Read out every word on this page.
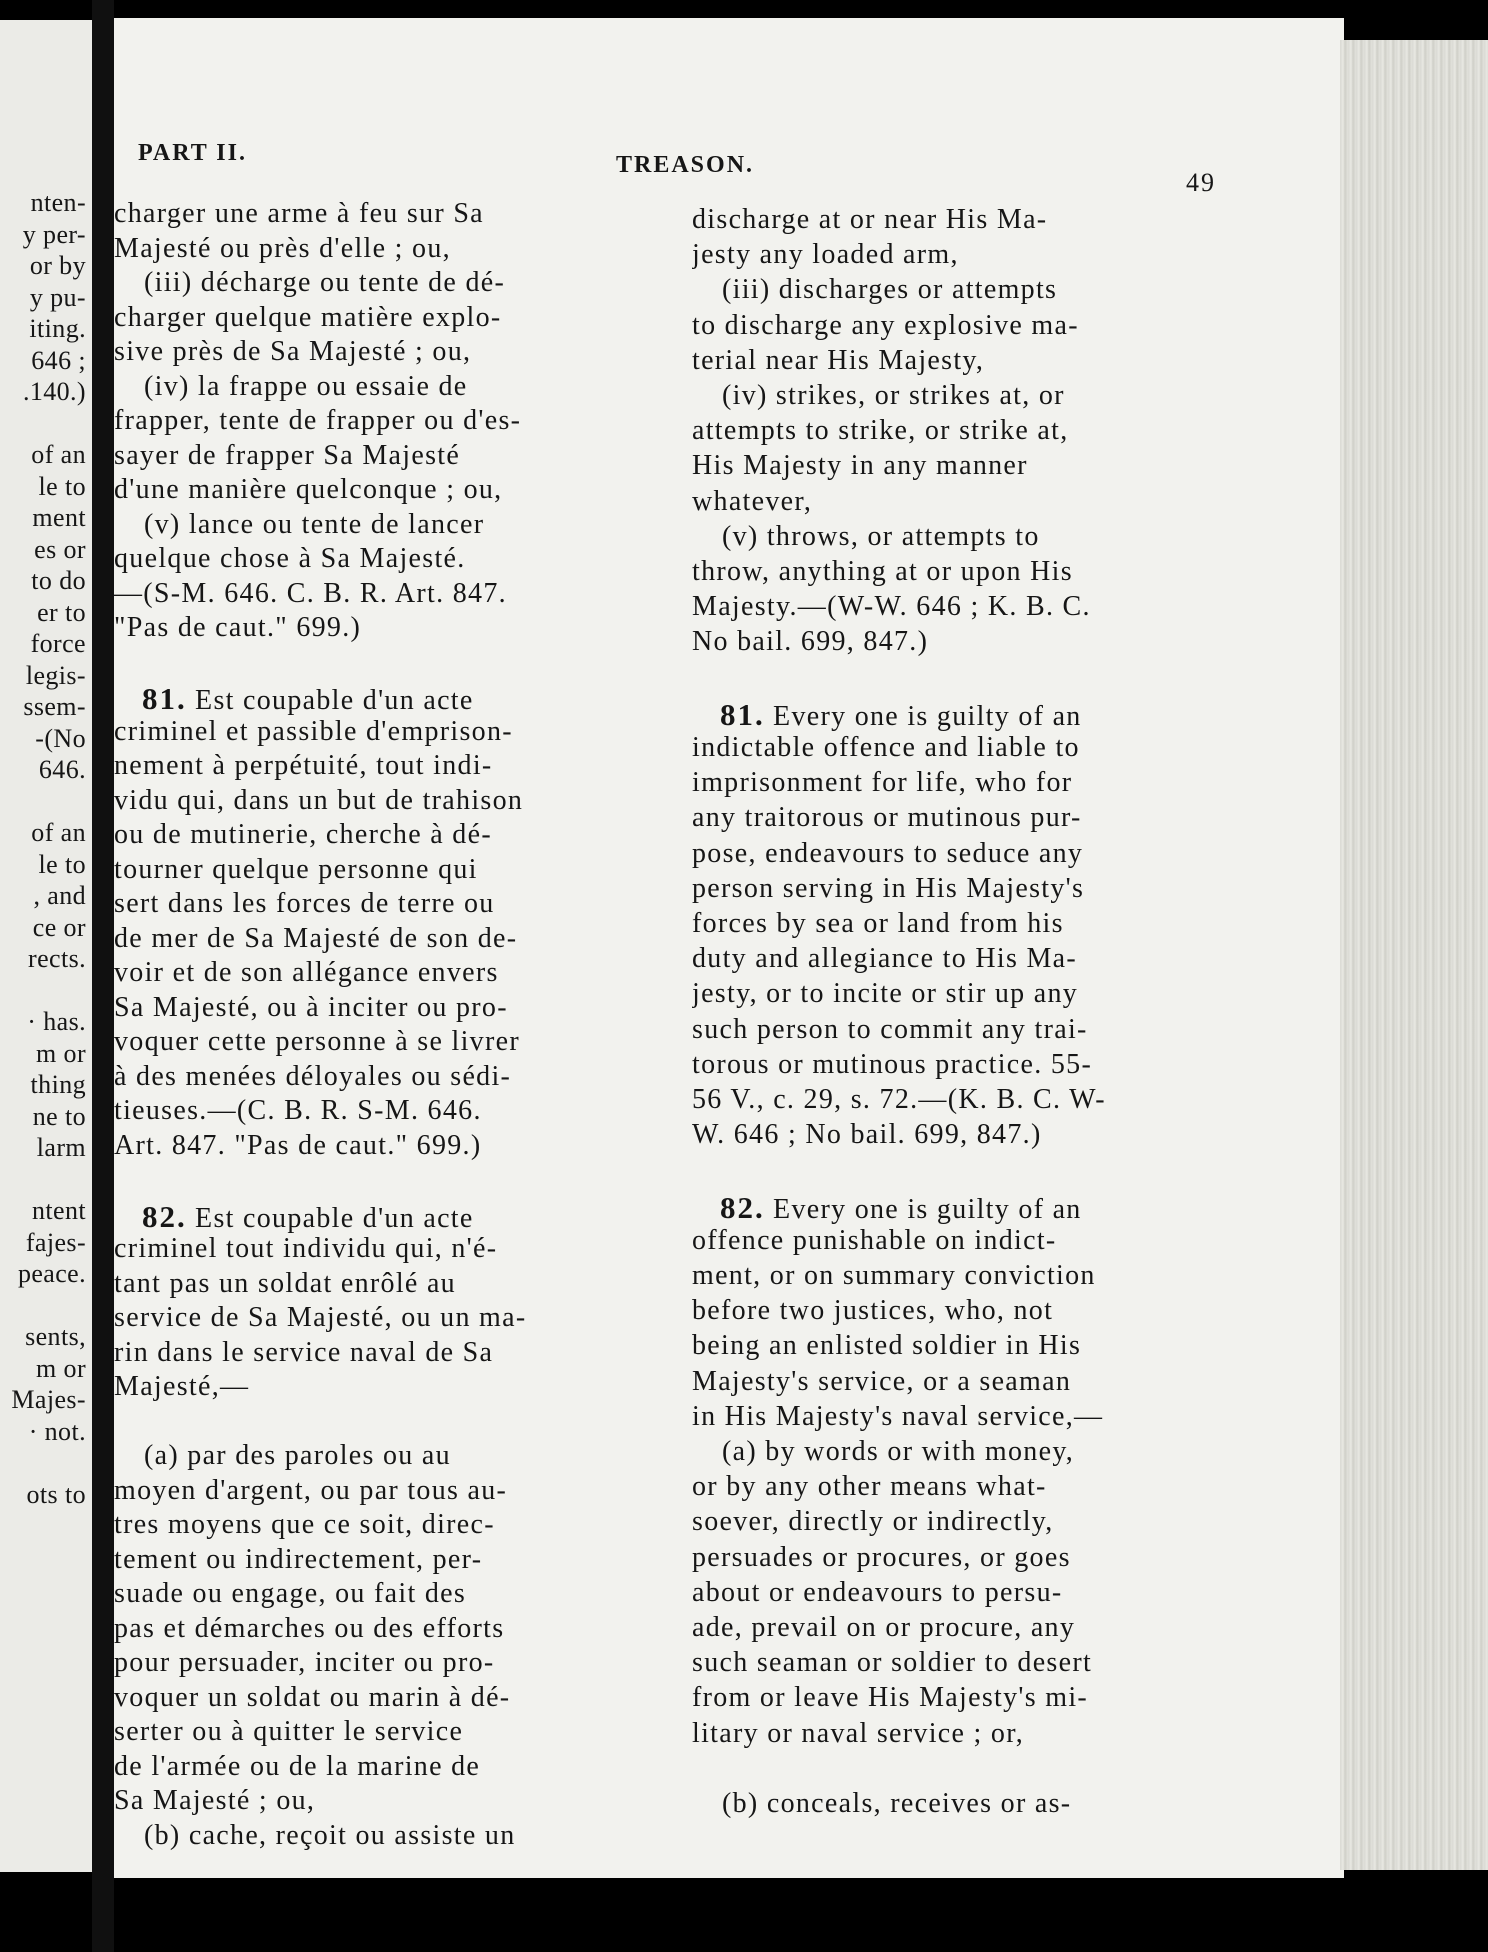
nten-
y per-
or by
y pu-
iting.
646 ;
.140.)
of an
le to
ment
es or
to do
er to
force
legis-
ssem-
-(No
646.
of an
le to
, and
ce or
rects.
· has.
m or
thing
ne to
larm
ntent
fajes-
peace.
sents,
m or
Majes-
· not.
ots to
PART II.	TREASON.
49
charger une arme à feu sur Sa
Majesté ou près d'elle ; ou,
(iii) décharge ou tente de dé-
charger quelque matière explo-
sive près de Sa Majesté ; ou,
(iv) la frappe ou essaie de
frapper, tente de frapper ou d'es-
sayer de frapper Sa Majesté
d'une manière quelconque ; ou,
(v) lance ou tente de lancer
quelque chose à Sa Majesté.
—(S-M. 646. C. B. R. Art. 847.
"Pas de caut." 699.)
81. Est coupable d'un acte
criminel et passible d'emprison-
nement à perpétuité, tout indi-
vidu qui, dans un but de trahison
ou de mutinerie, cherche à dé-
tourner quelque personne qui
sert dans les forces de terre ou
de mer de Sa Majesté de son de-
voir et de son allégance envers
Sa Majesté, ou à inciter ou pro-
voquer cette personne à se livrer
à des menées déloyales ou sédi-
tieuses.—(C. B. R. S-M. 646.
Art. 847. "Pas de caut." 699.)
82. Est coupable d'un acte
criminel tout individu qui, n'é-
tant pas un soldat enrôlé au
service de Sa Majesté, ou un ma-
rin dans le service naval de Sa
Majesté,—
(a) par des paroles ou au
moyen d'argent, ou par tous au-
tres moyens que ce soit, direc-
tement ou indirectement, per-
suade ou engage, ou fait des
pas et démarches ou des efforts
pour persuader, inciter ou pro-
voquer un soldat ou marin à dé-
serter ou à quitter le service
de l'armée ou de la marine de
Sa Majesté ; ou,
(b) cache, reçoit ou assiste un
discharge at or near His Ma-
jesty any loaded arm,
(iii) discharges or attempts
to discharge any explosive ma-
terial near His Majesty,
(iv) strikes, or strikes at, or
attempts to strike, or strike at,
His Majesty in any manner
whatever,
(v) throws, or attempts to
throw, anything at or upon His
Majesty.—(W-W. 646 ; K. B. C.
No bail. 699, 847.)
81. Every one is guilty of an
indictable offence and liable to
imprisonment for life, who for
any traitorous or mutinous pur-
pose, endeavours to seduce any
person serving in His Majesty's
forces by sea or land from his
duty and allegiance to His Ma-
jesty, or to incite or stir up any
such person to commit any trai-
torous or mutinous practice. 55-
56 V., c. 29, s. 72.—(K. B. C. W-
W. 646 ; No bail. 699, 847.)
82. Every one is guilty of an
offence punishable on indict-
ment, or on summary conviction
before two justices, who, not
being an enlisted soldier in His
Majesty's service, or a seaman
in His Majesty's naval service,—
(a) by words or with money,
or by any other means what-
soever, directly or indirectly,
persuades or procures, or goes
about or endeavours to persu-
ade, prevail on or procure, any
such seaman or soldier to desert
from or leave His Majesty's mi-
litary or naval service ; or,
(b) conceals, receives or as-
